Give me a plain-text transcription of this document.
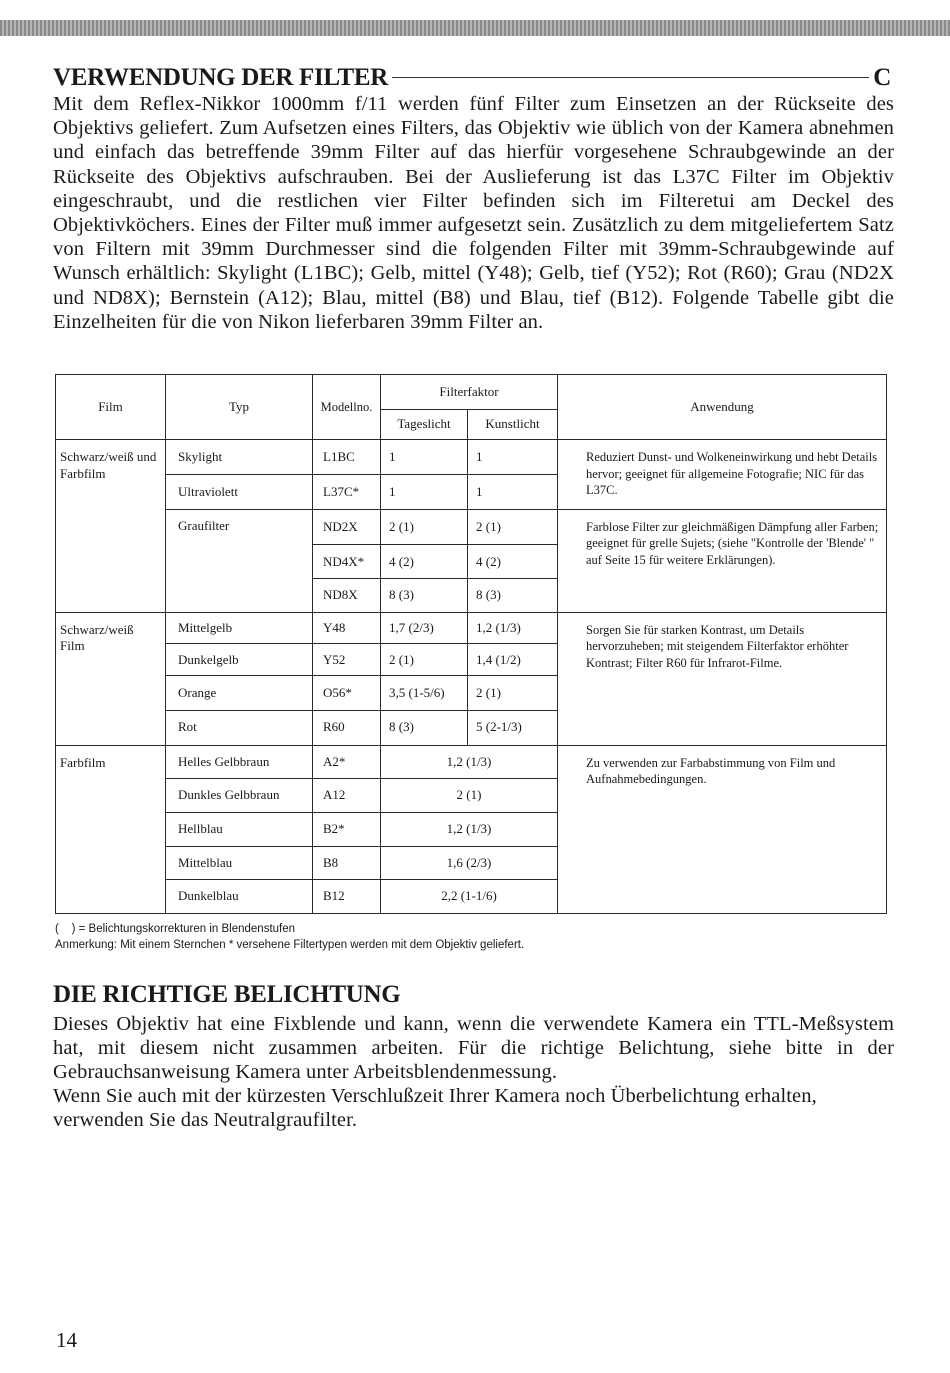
VERWENDUNG DER FILTER	C
Mit dem Reflex-Nikkor 1000mm f/11 werden fünf Filter zum Einsetzen an der Rückseite des Objektivs geliefert. Zum Aufsetzen eines Filters, das Objektiv wie üblich von der Kamera abnehmen und einfach das betreffende 39mm Filter auf das hierfür vorgesehene Schraubgewinde an der Rückseite des Objektivs aufschrauben. Bei der Auslieferung ist das L37C Filter im Objektiv eingeschraubt, und die restlichen vier Filter befinden sich im Filteretui am Deckel des Objektivköchers. Eines der Filter muß immer aufgesetzt sein. Zusätzlich zu dem mitgeliefertem Satz von Filtern mit 39mm Durchmesser sind die folgenden Filter mit 39mm-Schraubgewinde auf Wunsch erhältlich: Skylight (L1BC); Gelb, mittel (Y48); Gelb, tief (Y52); Rot (R60); Grau (ND2X und ND8X); Bernstein (A12); Blau, mittel (B8) und Blau, tief (B12). Folgende Tabelle gibt die Einzelheiten für die von Nikon lieferbaren 39mm Filter an.
Film	Typ	Modellno.	Filterfaktor		Anwendung
			Tageslicht	Kunstlicht	
Schwarz/weiß und Farbfilm	Skylight	L1BC	1	1	Reduziert Dunst- und Wolkeneinwirkung und hebt Details hervor; geeignet für allgemeine Fotografie; NIC für das L37C.
	Ultraviolett	L37C*	1	1	
	Graufilter	ND2X	2 (1)	2 (1)	Farblose Filter zur gleichmäßigen Dämpfung aller Farben; geeignet für grelle Sujets; (siehe "Kontrolle der 'Blende' " auf Seite 15 für weitere Erklärungen).
		ND4X*	4 (2)	4 (2)	
		ND8X	8 (3)	8 (3)	
Schwarz/weiß Film	Mittelgelb	Y48	1,7 (2/3)	1,2 (1/3)	Sorgen Sie für starken Kontrast, um Details hervorzuheben; mit steigendem Filterfaktor erhöhter Kontrast; Filter R60 für Infrarot-Filme.
	Dunkelgelb	Y52	2 (1)	1,4 (1/2)	
	Orange	O56*	3,5 (1-5/6)	2 (1)	
	Rot	R60	8 (3)	5 (2-1/3)	
Farbfilm	Helles Gelbbraun	A2*	1,2 (1/3)		Zu verwenden zur Farbabstimmung von Film und Aufnahmebedingungen.
	Dunkles Gelbbraun	A12	2 (1)		
	Hellblau	B2*	1,2 (1/3)		
	Mittelblau	B8	1,6 (2/3)		
	Dunkelblau	B12	2,2 (1-1/6)		
(    ) = Belichtungskorrekturen in Blendenstufen
Anmerkung: Mit einem Sternchen * versehene Filtertypen werden mit dem Objektiv geliefert.
DIE RICHTIGE BELICHTUNG
Dieses Objektiv hat eine Fixblende und kann, wenn die verwendete Kamera ein TTL-Meßsystem hat, mit diesem nicht zusammen arbeiten. Für die richtige Belichtung, siehe bitte in der Gebrauchsanweisung Kamera unter Arbeitsblendenmessung.
Wenn Sie auch mit der kürzesten Verschlußzeit Ihrer Kamera noch Überbelichtung erhalten, verwenden Sie das Neutralgraufilter.
14
